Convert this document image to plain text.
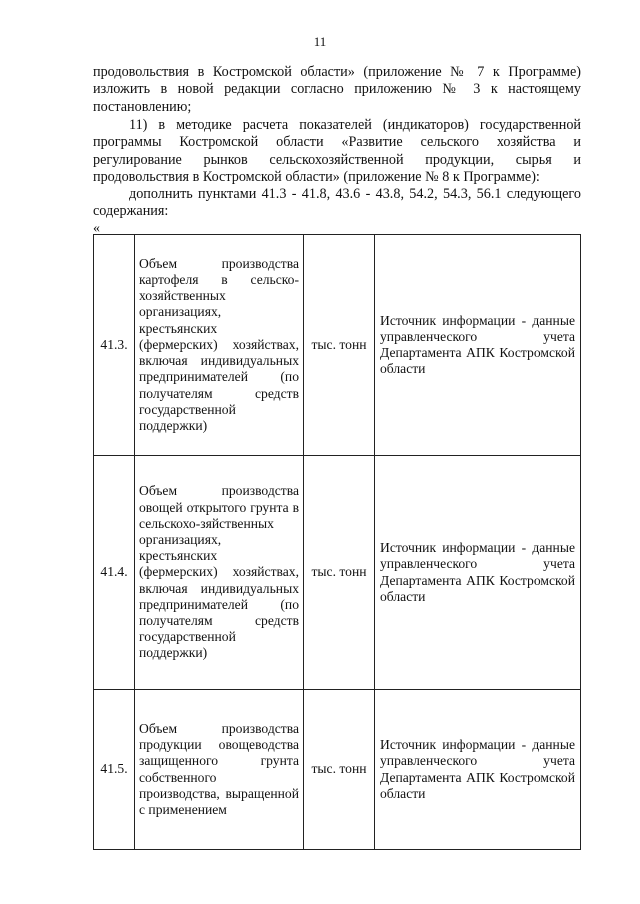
11

продовольствия в Костромской области» (приложение № 7 к Программе) изложить в новой редакции согласно приложению № 3 к настоящему постановлению;

11) в методике расчета показателей (индикаторов) государственной программы Костромской области «Развитие сельского хозяйства и регулирование рынков сельскохозяйственной продукции, сырья и продовольствия в Костромской области» (приложение № 8 к Программе):

дополнить пунктами 41.3 - 41.8, 43.6 - 43.8, 54.2, 54.3, 56.1 следующего содержания:

«
41.3.	Объем производства картофеля в сельско-хозяйственных организациях, крестьянских (фермерских) хозяйствах, включая индивидуальных предпринимателей (по получателям средств государственной поддержки)	тыс. тонн	Источник информации - данные управленческого учета Департамента АПК Костромской области
41.4.	Объем производства овощей открытого грунта в сельскохо-зяйственных организациях, крестьянских (фермерских) хозяйствах, включая индивидуальных предпринимателей (по получателям средств государственной поддержки)	тыс. тонн	Источник информации - данные управленческого учета Департамента АПК Костромской области
41.5.	Объем производства продукции овощеводства защищенного грунта собственного производства, выращенной с применением	тыс. тонн	Источник информации - данные управленческого учета Департамента АПК Костромской области
